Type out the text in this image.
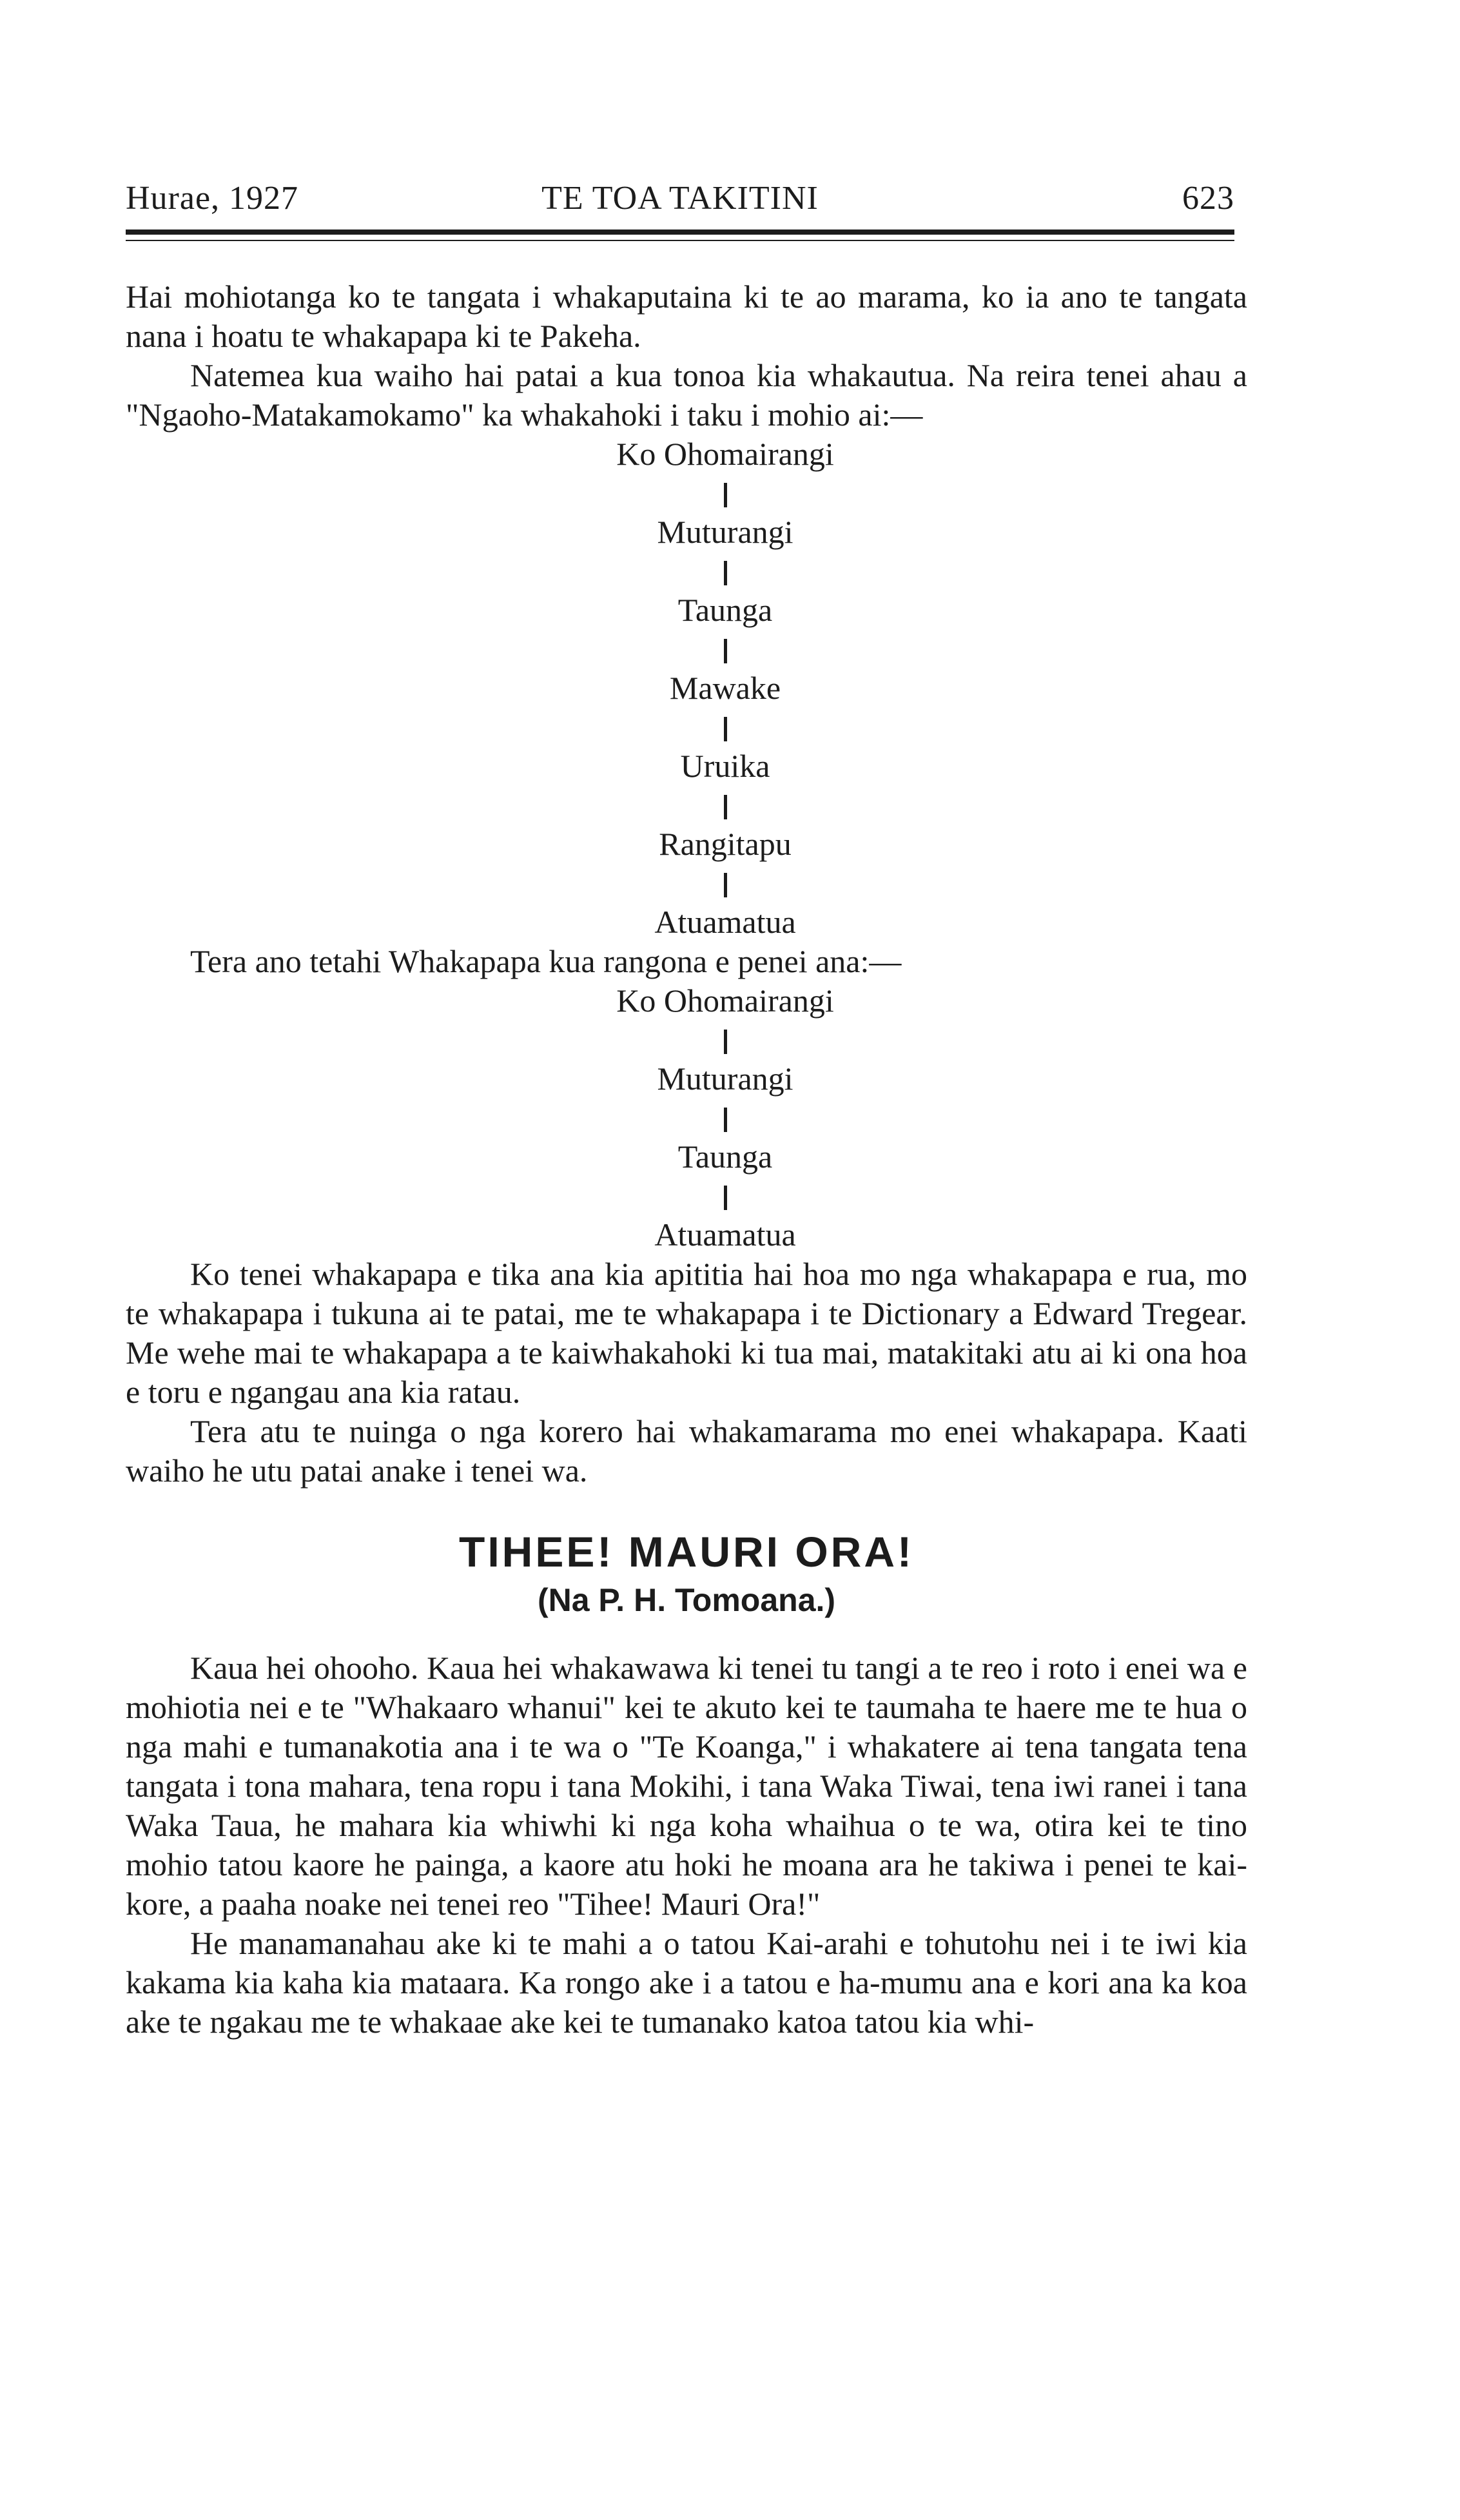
Hurae, 1927	TE TOA TAKITINI	623

Hai mohiotanga ko te tangata i whakaputaina ki te ao marama, ko ia ano te tangata nana i hoatu te whakapapa ki te Pakeha.

Natemea kua waiho hai patai a kua tonoa kia whakautua. Na reira tenei ahau a "Ngaoho-Matakamokamo" ka whakahoki i taku i mohio ai:—

Ko Ohomairangi
Muturangi
Taunga
Mawake
Uruika
Rangitapu
Atuamatua

Tera ano tetahi Whakapapa kua rangona e penei ana:—

Ko Ohomairangi
Muturangi
Taunga
Atuamatua

Ko tenei whakapapa e tika ana kia apititia hai hoa mo nga whakapapa e rua, mo te whakapapa i tukuna ai te patai, me te whakapapa i te Dictionary a Edward Tregear. Me wehe mai te whakapapa a te kaiwhakahoki ki tua mai, matakitaki atu ai ki ona hoa e toru e ngangau ana kia ratau.

Tera atu te nuinga o nga korero hai whakamarama mo enei whakapapa. Kaati waiho he utu patai anake i tenei wa.

TIHEE! MAURI ORA!
(Na P. H. Tomoana.)

Kaua hei ohooho. Kaua hei whakawawa ki tenei tu tangi a te reo i roto i enei wa e mohiotia nei e te "Whakaaro whanui" kei te akuto kei te taumaha te haere me te hua o nga mahi e tumanakotia ana i te wa o "Te Koanga," i whakatere ai tena tangata tena tangata i tona mahara, tena ropu i tana Mokihi, i tana Waka Tiwai, tena iwi ranei i tana Waka Taua, he mahara kia whiwhi ki nga koha whaihua o te wa, otira kei te tino mohio tatou kaore he painga, a kaore atu hoki he moana ara he takiwa i penei te kai-kore, a paaha noake nei tenei reo "Tihee! Mauri Ora!"

He manamanahau ake ki te mahi a o tatou Kai-arahi e tohutohu nei i te iwi kia kakama kia kaha kia mataara. Ka rongo ake i a tatou e ha-mumu ana e kori ana ka koa ake te ngakau me te whakaae ake kei te tumanako katoa tatou kia whi-
